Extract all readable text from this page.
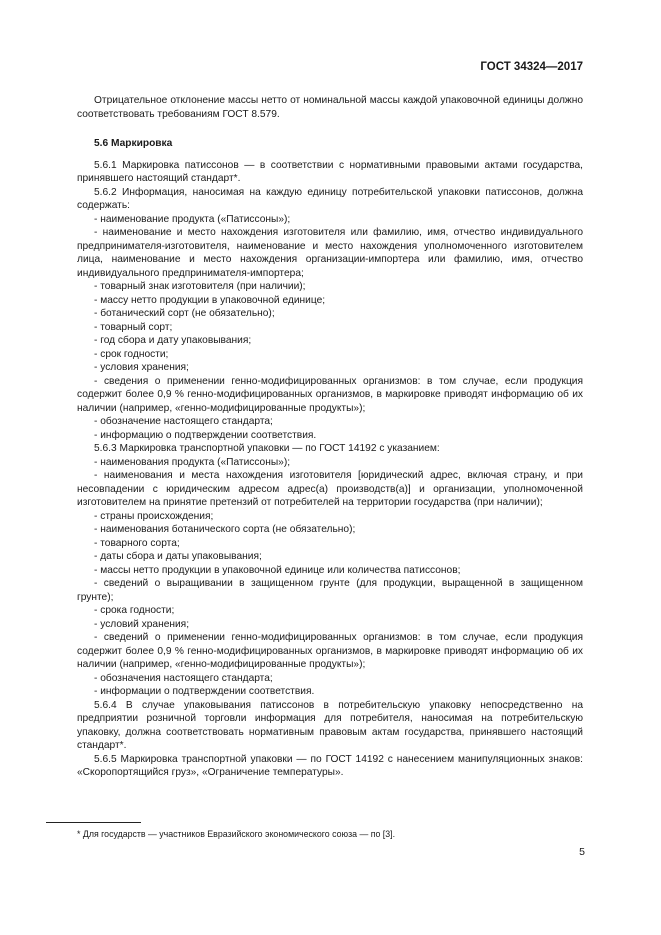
ГОСТ 34324—2017

Отрицательное отклонение массы нетто от номинальной массы каждой упаковочной единицы должно соответствовать требованиям ГОСТ 8.579.

5.6 Маркировка

5.6.1 Маркировка патиссонов — в соответствии с нормативными правовыми актами государства, принявшего настоящий стандарт*.

5.6.2 Информация, наносимая на каждую единицу потребительской упаковки патиссонов, должна содержать:

- наименование продукта («Патиссоны»);

- наименование и место нахождения изготовителя или фамилию, имя, отчество индивидуального предпринимателя-изготовителя, наименование и место нахождения уполномоченного изготовителем лица, наименование и место нахождения организации-импортера или фамилию, имя, отчество индивидуального предпринимателя-импортера;

- товарный знак изготовителя (при наличии);

- массу нетто продукции в упаковочной единице;

- ботанический сорт (не обязательно);

- товарный сорт;

- год сбора и дату упаковывания;

- срок годности;

- условия хранения;

- сведения о применении генно-модифицированных организмов: в том случае, если продукция содержит более 0,9 % генно-модифицированных организмов, в маркировке приводят информацию об их наличии (например, «генно-модифицированные продукты»);

- обозначение настоящего стандарта;

- информацию о подтверждении соответствия.

5.6.3 Маркировка транспортной упаковки — по ГОСТ 14192 с указанием:

- наименования продукта («Патиссоны»);

- наименования и места нахождения изготовителя [юридический адрес, включая страну, и при несовпадении с юридическим адресом адрес(а) производств(а)] и организации, уполномоченной изготовителем на принятие претензий от потребителей на территории государства (при наличии);

- страны происхождения;

- наименования ботанического сорта (не обязательно);

- товарного сорта;

- даты сбора и даты упаковывания;

- массы нетто продукции в упаковочной единице или количества патиссонов;

- сведений о выращивании в защищенном грунте (для продукции, выращенной в защищенном грунте);

- срока годности;

- условий хранения;

- сведений о применении генно-модифицированных организмов: в том случае, если продукция содержит более 0,9 % генно-модифицированных организмов, в маркировке приводят информацию об их наличии (например, «генно-модифицированные продукты»);

- обозначения настоящего стандарта;

- информации о подтверждении соответствия.

5.6.4 В случае упаковывания патиссонов в потребительскую упаковку непосредственно на предприятии розничной торговли информация для потребителя, наносимая на потребительскую упаковку, должна соответствовать нормативным правовым актам государства, принявшего настоящий стандарт*.

5.6.5 Маркировка транспортной упаковки — по ГОСТ 14192 с нанесением манипуляционных знаков: «Скоропортящийся груз», «Ограничение температуры».

* Для государств — участников Евразийского экономического союза — по [3].
5
